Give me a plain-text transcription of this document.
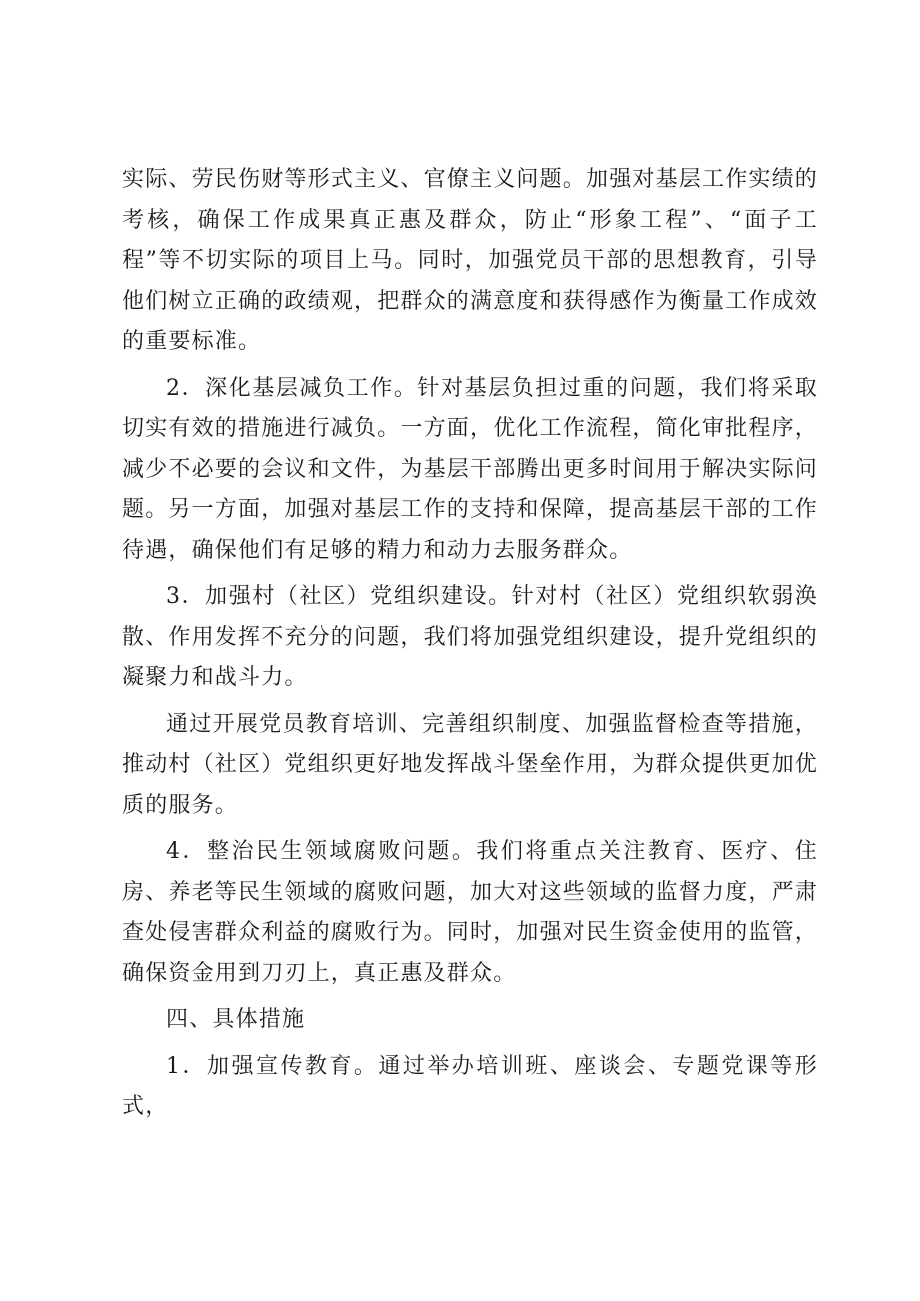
实际、劳民伤财等形式主义、官僚主义问题。加强对基层工作实绩的考核，确保工作成果真正惠及群众，防止“形象工程”、“面子工程”等不切实际的项目上马。同时，加强党员干部的思想教育，引导他们树立正确的政绩观，把群众的满意度和获得感作为衡量工作成效的重要标准。

2．深化基层减负工作。针对基层负担过重的问题，我们将采取切实有效的措施进行减负。一方面，优化工作流程，简化审批程序，减少不必要的会议和文件，为基层干部腾出更多时间用于解决实际问题。另一方面，加强对基层工作的支持和保障，提高基层干部的工作待遇，确保他们有足够的精力和动力去服务群众。

3．加强村（社区）党组织建设。针对村（社区）党组织软弱涣散、作用发挥不充分的问题，我们将加强党组织建设，提升党组织的凝聚力和战斗力。

通过开展党员教育培训、完善组织制度、加强监督检查等措施，推动村（社区）党组织更好地发挥战斗堡垒作用，为群众提供更加优质的服务。

4．整治民生领域腐败问题。我们将重点关注教育、医疗、住房、养老等民生领域的腐败问题，加大对这些领域的监督力度，严肃查处侵害群众利益的腐败行为。同时，加强对民生资金使用的监管，确保资金用到刀刃上，真正惠及群众。

四、具体措施

1．加强宣传教育。通过举办培训班、座谈会、专题党课等形式，
